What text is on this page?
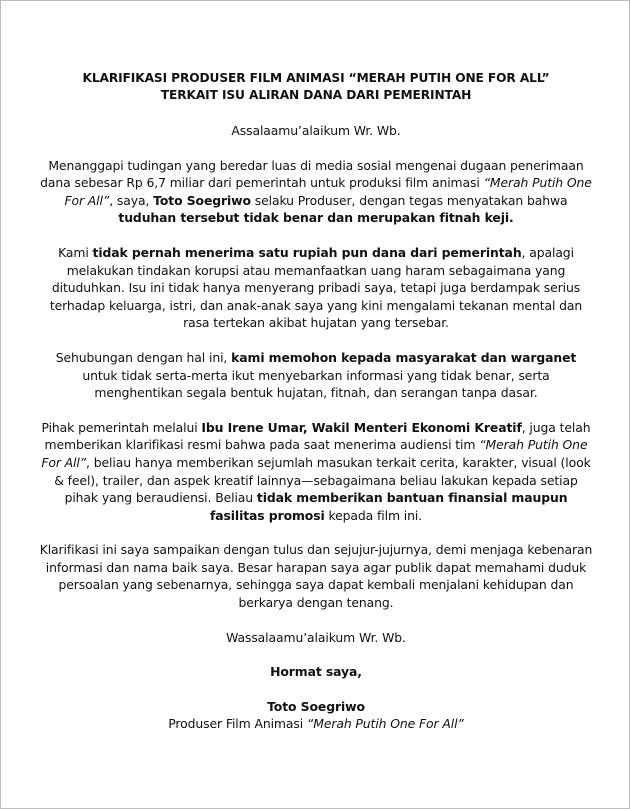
KLARIFIKASI PRODUSER FILM ANIMASI “MERAH PUTIH ONE FOR ALL”
TERKAIT ISU ALIRAN DANA DARI PEMERINTAH

Assalaamu’alaikum Wr. Wb.

Menanggapi tudingan yang beredar luas di media sosial mengenai dugaan penerimaan dana sebesar Rp 6,7 miliar dari pemerintah untuk produksi film animasi “Merah Putih One For All”, saya, Toto Soegriwo selaku Produser, dengan tegas menyatakan bahwa tuduhan tersebut tidak benar dan merupakan fitnah keji.

Kami tidak pernah menerima satu rupiah pun dana dari pemerintah, apalagi melakukan tindakan korupsi atau memanfaatkan uang haram sebagaimana yang dituduhkan. Isu ini tidak hanya menyerang pribadi saya, tetapi juga berdampak serius terhadap keluarga, istri, dan anak-anak saya yang kini mengalami tekanan mental dan rasa tertekan akibat hujatan yang tersebar.

Sehubungan dengan hal ini, kami memohon kepada masyarakat dan warganet untuk tidak serta-merta ikut menyebarkan informasi yang tidak benar, serta menghentikan segala bentuk hujatan, fitnah, dan serangan tanpa dasar.

Pihak pemerintah melalui Ibu Irene Umar, Wakil Menteri Ekonomi Kreatif, juga telah memberikan klarifikasi resmi bahwa pada saat menerima audiensi tim “Merah Putih One For All”, beliau hanya memberikan sejumlah masukan terkait cerita, karakter, visual (look & feel), trailer, dan aspek kreatif lainnya—sebagaimana beliau lakukan kepada setiap pihak yang beraudiensi. Beliau tidak memberikan bantuan finansial maupun fasilitas promosi kepada film ini.

Klarifikasi ini saya sampaikan dengan tulus dan sejujur-jujurnya, demi menjaga kebenaran informasi dan nama baik saya. Besar harapan saya agar publik dapat memahami duduk persoalan yang sebenarnya, sehingga saya dapat kembali menjalani kehidupan dan berkarya dengan tenang.

Wassalaamu’alaikum Wr. Wb.

Hormat saya,

Toto Soegriwo
Produser Film Animasi “Merah Putih One For All”
